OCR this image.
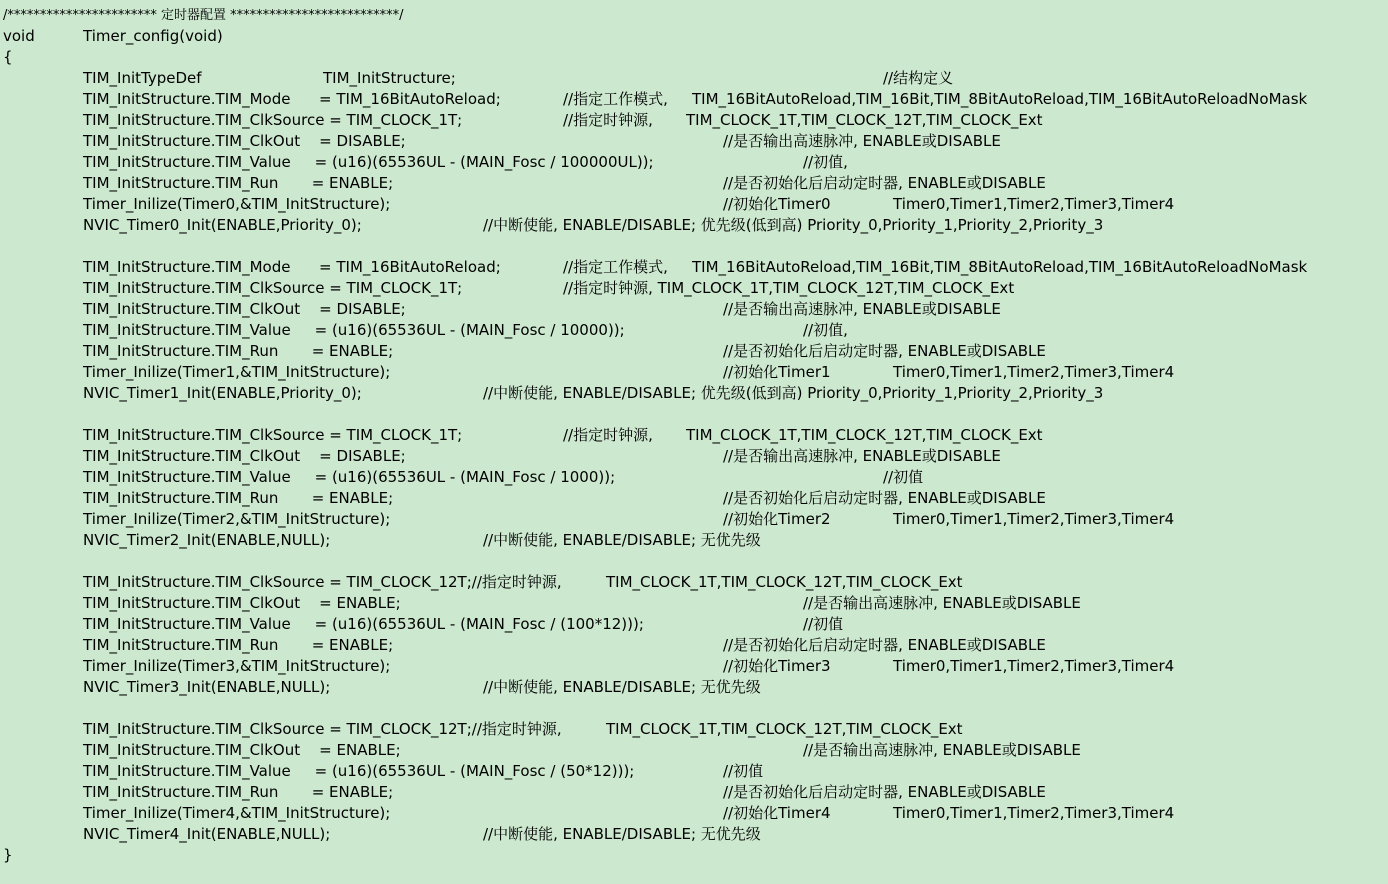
/*********************** 定时器配置 **************************/
void	Timer_config(void)
{
TIM_InitTypeDef	TIM_InitStructure;	//结构定义
TIM_InitStructure.TIM_Mode      = TIM_16BitAutoReload;	//指定工作模式, TIM_16BitAutoReload,TIM_16Bit,TIM_8BitAutoReload,TIM_16BitAutoReloadNoMask
TIM_InitStructure.TIM_ClkSource = TIM_CLOCK_1T;	//指定时钟源, TIM_CLOCK_1T,TIM_CLOCK_12T,TIM_CLOCK_Ext
TIM_InitStructure.TIM_ClkOut    = DISABLE;	//是否输出高速脉冲, ENABLE或DISABLE
TIM_InitStructure.TIM_Value     = (u16)(65536UL - (MAIN_Fosc / 100000UL));	//初值,
TIM_InitStructure.TIM_Run       = ENABLE;	//是否初始化后启动定时器, ENABLE或DISABLE
Timer_Inilize(Timer0,&TIM_InitStructure);	//初始化Timer0	Timer0,Timer1,Timer2,Timer3,Timer4
NVIC_Timer0_Init(ENABLE,Priority_0);	//中断使能, ENABLE/DISABLE; 优先级(低到高) Priority_0,Priority_1,Priority_2,Priority_3
TIM_InitStructure.TIM_Mode      = TIM_16BitAutoReload;	//指定工作模式, TIM_16BitAutoReload,TIM_16Bit,TIM_8BitAutoReload,TIM_16BitAutoReloadNoMask
TIM_InitStructure.TIM_ClkSource = TIM_CLOCK_1T;	//指定时钟源, TIM_CLOCK_1T,TIM_CLOCK_12T,TIM_CLOCK_Ext
TIM_InitStructure.TIM_ClkOut    = DISABLE;	//是否输出高速脉冲, ENABLE或DISABLE
TIM_InitStructure.TIM_Value     = (u16)(65536UL - (MAIN_Fosc / 10000));	//初值,
TIM_InitStructure.TIM_Run       = ENABLE;	//是否初始化后启动定时器, ENABLE或DISABLE
Timer_Inilize(Timer1,&TIM_InitStructure);	//初始化Timer1	Timer0,Timer1,Timer2,Timer3,Timer4
NVIC_Timer1_Init(ENABLE,Priority_0);	//中断使能, ENABLE/DISABLE; 优先级(低到高) Priority_0,Priority_1,Priority_2,Priority_3
TIM_InitStructure.TIM_ClkSource = TIM_CLOCK_1T;	//指定时钟源, TIM_CLOCK_1T,TIM_CLOCK_12T,TIM_CLOCK_Ext
TIM_InitStructure.TIM_ClkOut    = DISABLE;	//是否输出高速脉冲, ENABLE或DISABLE
TIM_InitStructure.TIM_Value     = (u16)(65536UL - (MAIN_Fosc / 1000));	//初值
TIM_InitStructure.TIM_Run       = ENABLE;	//是否初始化后启动定时器, ENABLE或DISABLE
Timer_Inilize(Timer2,&TIM_InitStructure);	//初始化Timer2	Timer0,Timer1,Timer2,Timer3,Timer4
NVIC_Timer2_Init(ENABLE,NULL);	//中断使能, ENABLE/DISABLE; 无优先级
TIM_InitStructure.TIM_ClkSource = TIM_CLOCK_12T;//指定时钟源,	TIM_CLOCK_1T,TIM_CLOCK_12T,TIM_CLOCK_Ext
TIM_InitStructure.TIM_ClkOut    = ENABLE;	//是否输出高速脉冲, ENABLE或DISABLE
TIM_InitStructure.TIM_Value     = (u16)(65536UL - (MAIN_Fosc / (100*12)));	//初值
TIM_InitStructure.TIM_Run       = ENABLE;	//是否初始化后启动定时器, ENABLE或DISABLE
Timer_Inilize(Timer3,&TIM_InitStructure);	//初始化Timer3	Timer0,Timer1,Timer2,Timer3,Timer4
NVIC_Timer3_Init(ENABLE,NULL);	//中断使能, ENABLE/DISABLE; 无优先级
TIM_InitStructure.TIM_ClkSource = TIM_CLOCK_12T;//指定时钟源,	TIM_CLOCK_1T,TIM_CLOCK_12T,TIM_CLOCK_Ext
TIM_InitStructure.TIM_ClkOut    = ENABLE;	//是否输出高速脉冲, ENABLE或DISABLE
TIM_InitStructure.TIM_Value     = (u16)(65536UL - (MAIN_Fosc / (50*12)));	//初值
TIM_InitStructure.TIM_Run       = ENABLE;	//是否初始化后启动定时器, ENABLE或DISABLE
Timer_Inilize(Timer4,&TIM_InitStructure);	//初始化Timer4	Timer0,Timer1,Timer2,Timer3,Timer4
NVIC_Timer4_Init(ENABLE,NULL);	//中断使能, ENABLE/DISABLE; 无优先级
}
